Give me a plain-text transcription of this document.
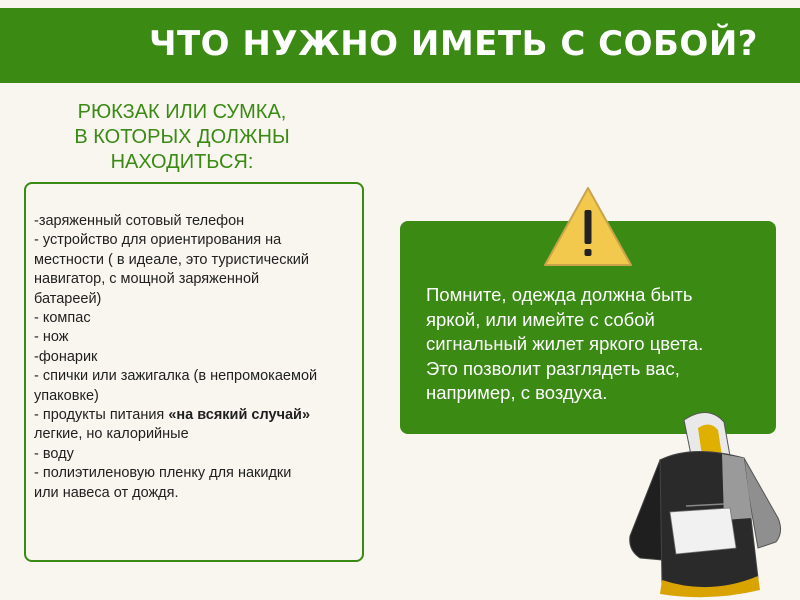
ЧТО НУЖНО ИМЕТЬ С СОБОЙ?
РЮКЗАК ИЛИ СУМКА,
В КОТОРЫХ ДОЛЖНЫ
НАХОДИТЬСЯ:
-заряженный сотовый телефон
- устройство для ориентирования на
местности ( в идеале, это туристический
навигатор, с мощной заряженной
батареей)
- компас
- нож
-фонарик
- спички или зажигалка (в непромокаемой
упаковке)
- продукты питания «на всякий случай»
легкие, но калорийные
- воду
- полиэтиленовую пленку для накидки
или навеса от дождя.
Помните, одежда должна быть
яркой, или имейте с собой
сигнальный жилет яркого цвета.
Это позволит разглядеть вас,
например, с воздуха.
